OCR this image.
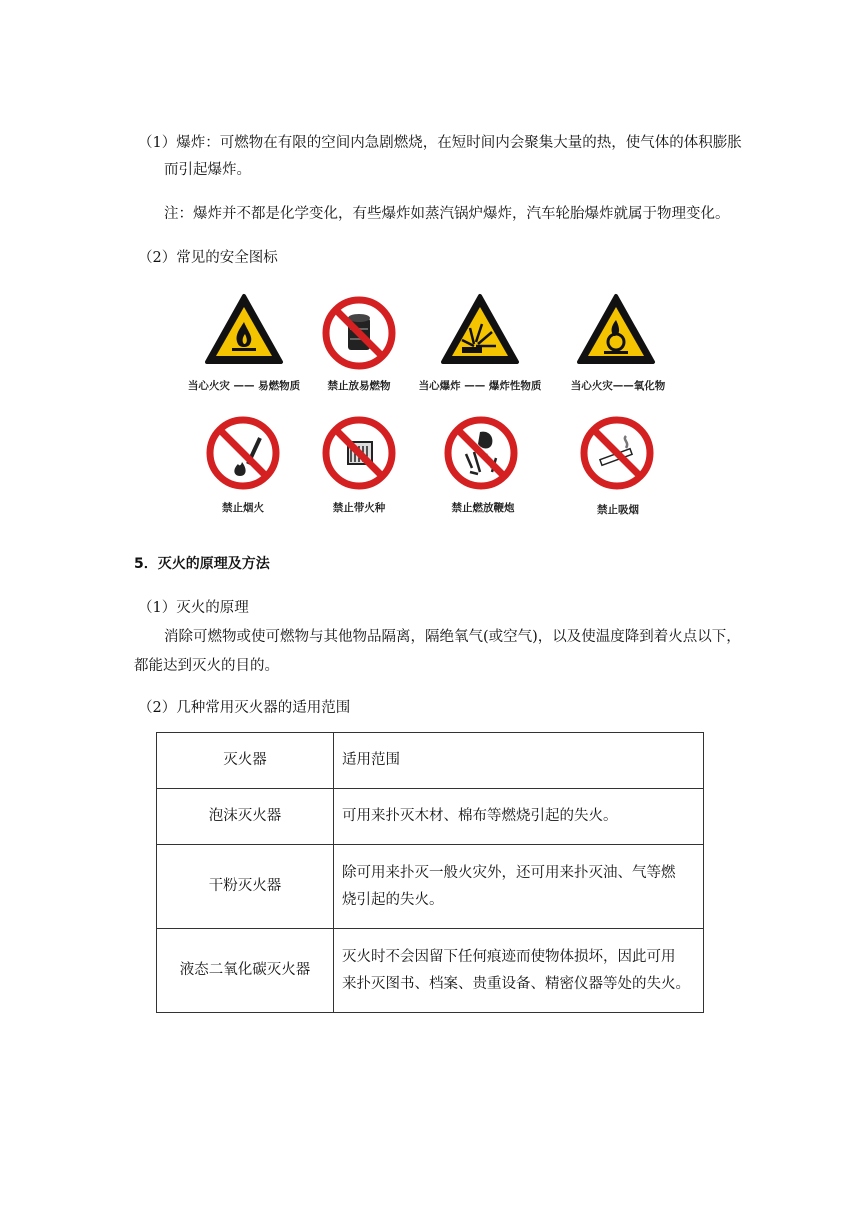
（1）爆炸：可燃物在有限的空间内急剧燃烧，在短时间内会聚集大量的热，使气体的体积膨胀
而引起爆炸。
注：爆炸并不都是化学变化，有些爆炸如蒸汽锅炉爆炸，汽车轮胎爆炸就属于物理变化。
（2）常见的安全图标
当心火灾 —— 易燃物质	禁止放易燃物	当心爆炸 —— 爆炸性物质	当心火灾——氧化物
禁止烟火	禁止带火种	禁止燃放鞭炮	禁止吸烟
5．灭火的原理及方法
（1）灭火的原理
消除可燃物或使可燃物与其他物品隔离，隔绝氧气(或空气)，以及使温度降到着火点以下，
都能达到灭火的目的。
（2）几种常用灭火器的适用范围
灭火器	适用范围
泡沫灭火器	可用来扑灭木材、棉布等燃烧引起的失火。

干粉灭火器	除可用来扑灭一般火灾外，还可用来扑灭油、气等燃
烧引起的失火。

液态二氧化碳灭火器	灭火时不会因留下任何痕迹而使物体损坏，因此可用
来扑灭图书、档案、贵重设备、精密仪器等处的失火。
